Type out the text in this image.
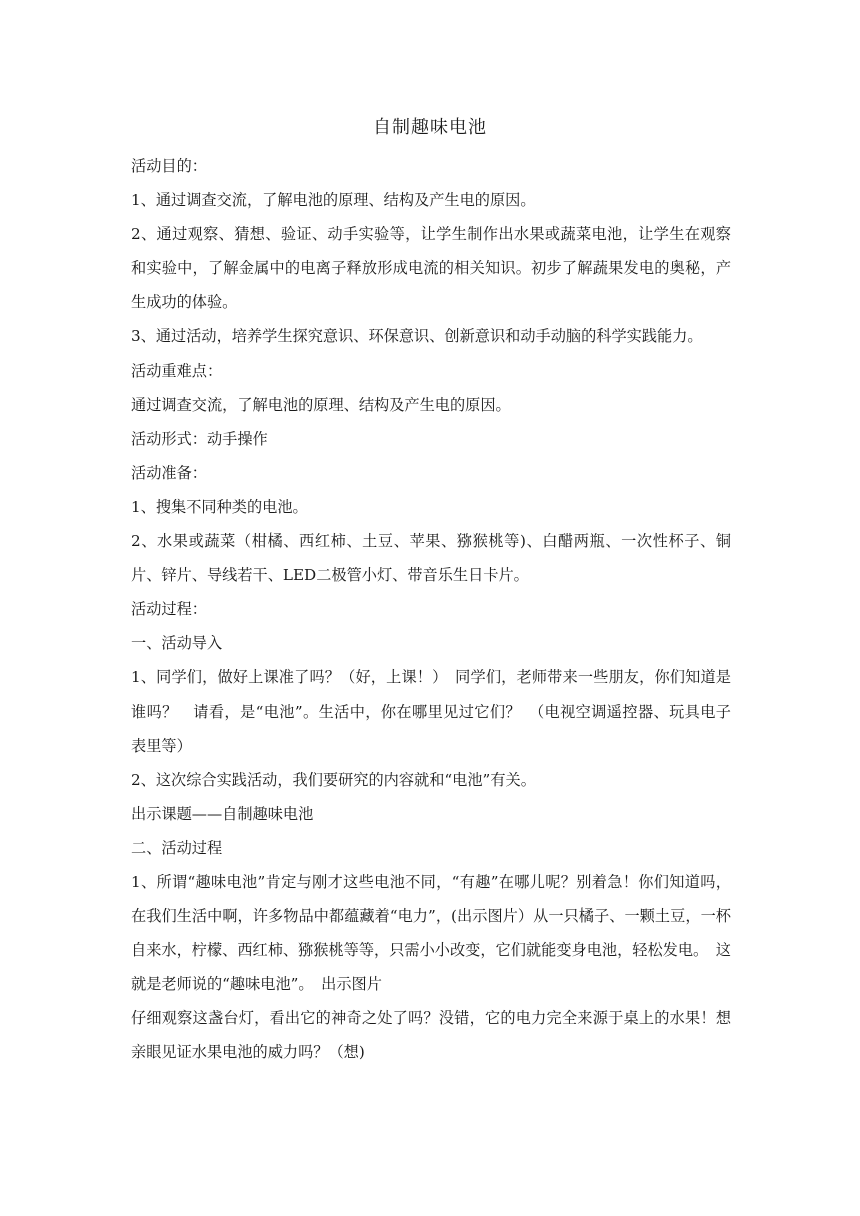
自制趣味电池

活动目的：

1、通过调查交流，了解电池的原理、结构及产生电的原因。

2、通过观察、猜想、验证、动手实验等，让学生制作出水果或蔬菜电池，让学生在观察和实验中，了解金属中的电离子释放形成电流的相关知识。初步了解蔬果发电的奥秘，产生成功的体验。

3、通过活动，培养学生探究意识、环保意识、创新意识和动手动脑的科学实践能力。

活动重难点：

通过调查交流，了解电池的原理、结构及产生电的原因。

活动形式：动手操作

活动准备：

1、搜集不同种类的电池。

2、水果或蔬菜（柑橘、西红柿、土豆、苹果、猕猴桃等)、白醋两瓶、一次性杯子、铜片、锌片、导线若干、LED二极管小灯、带音乐生日卡片。

活动过程：

一、活动导入

1、同学们，做好上课准了吗？（好，上课！）　同学们，老师带来一些朋友，你们知道是谁吗？　请看，是“电池”。生活中，你在哪里见过它们？　（电视空调遥控器、玩具电子表里等）

2、这次综合实践活动，我们要研究的内容就和“电池”有关。

出示课题——自制趣味电池

二、活动过程

1、所谓“趣味电池”肯定与刚才这些电池不同，“有趣”在哪儿呢？别着急！你们知道吗，在我们生活中啊，许多物品中都蕴藏着“电力”，(出示图片）从一只橘子、一颗土豆，一杯自来水，柠檬、西红柿、猕猴桃等等，只需小小改变，它们就能变身电池，轻松发电。　这就是老师说的“趣味电池”。　出示图片

仔细观察这盏台灯，看出它的神奇之处了吗？没错，它的电力完全来源于桌上的水果！想亲眼见证水果电池的威力吗？（想)
